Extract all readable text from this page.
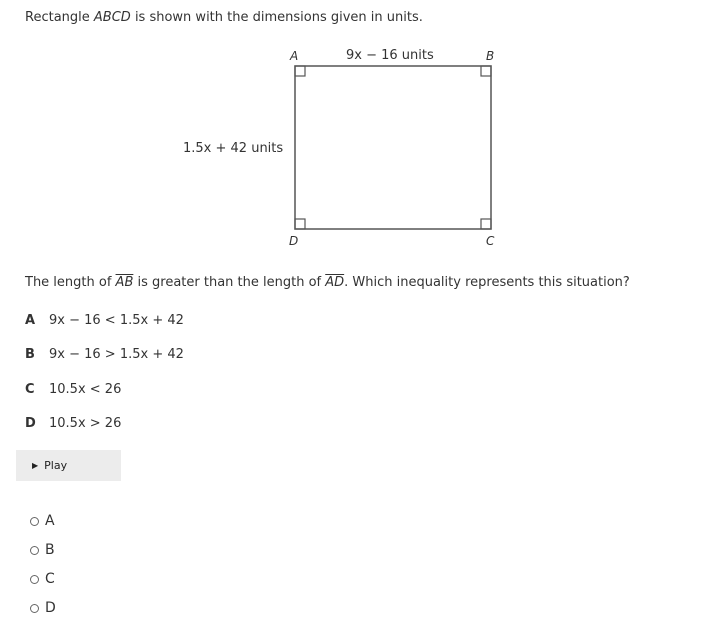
Rectangle ABCD is shown with the dimensions given in units.
A	B
D	C
9x − 16 units
1.5x + 42 units
The length of $\overline{AB}$ is greater than the length of $\overline{AD}$. Which inequality represents this situation?
A	9x − 16 < 1.5x + 42
B	9x − 16 > 1.5x + 42
C	10.5x < 26
D	10.5x > 26
▶ Play
A
B
C
D
